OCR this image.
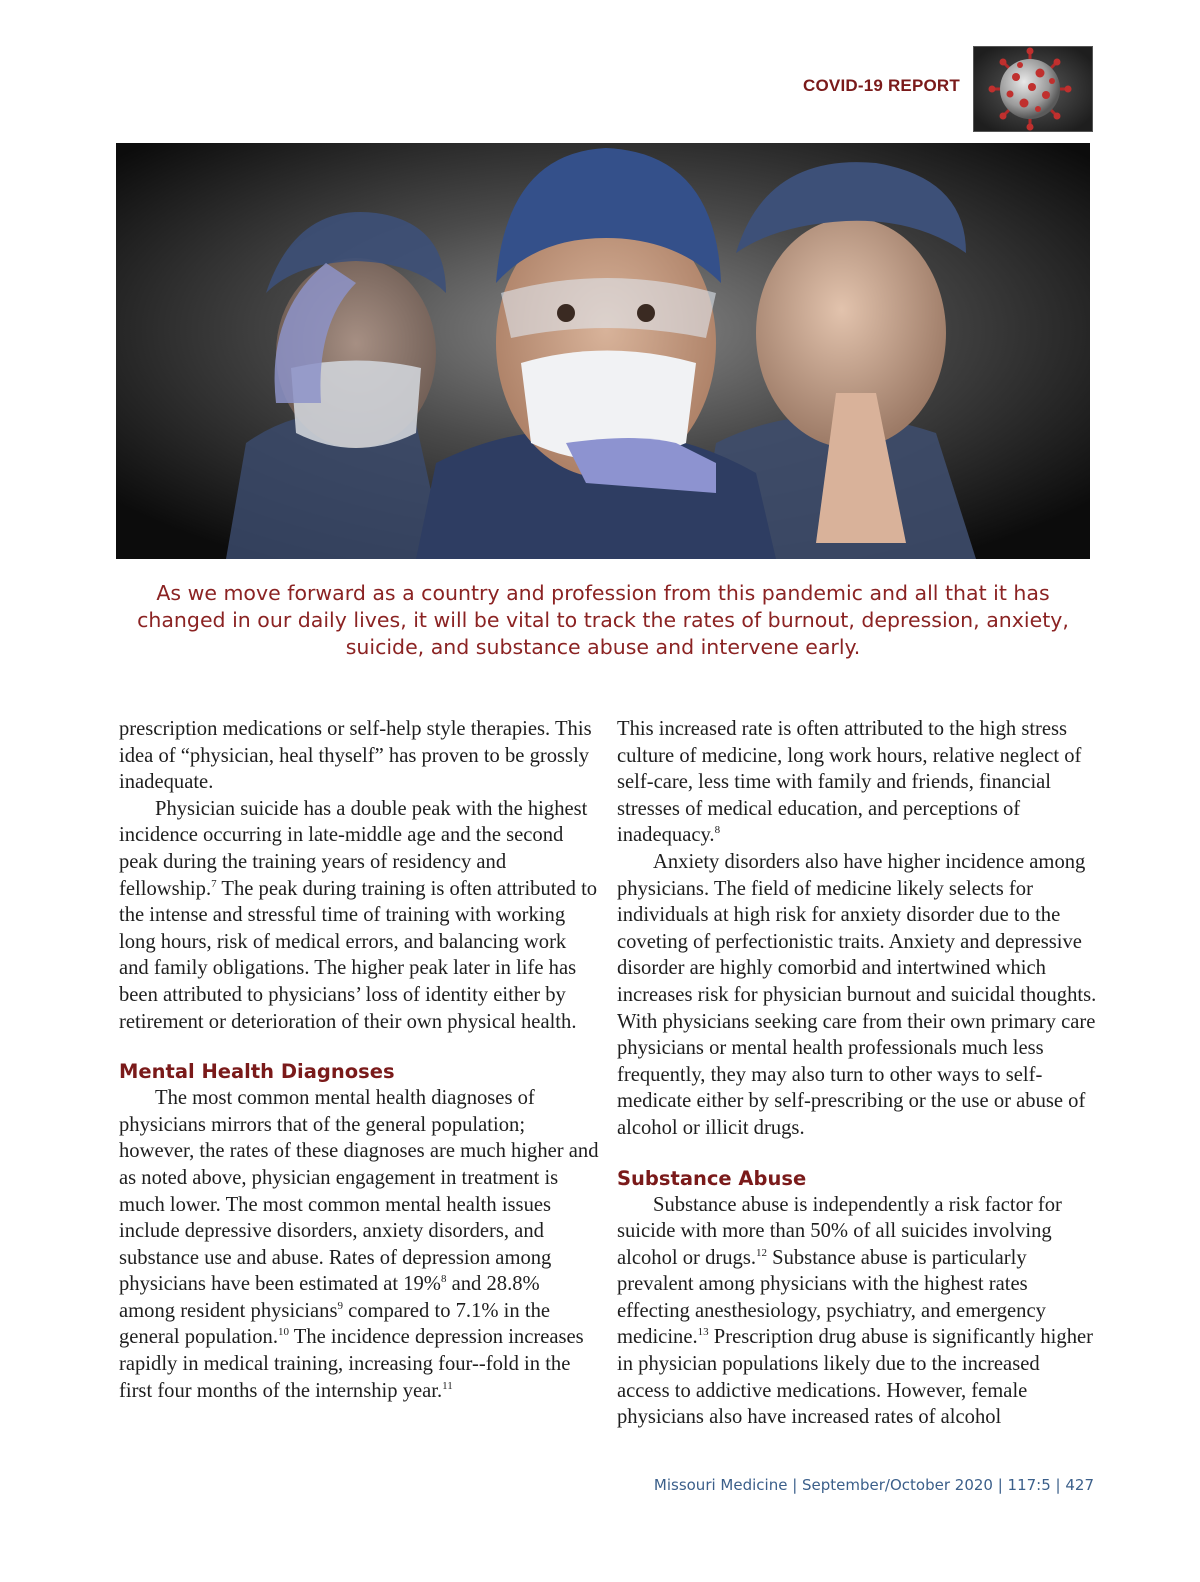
COVID-19 REPORT
As we move forward as a country and profession from this pandemic and all that it has changed in our daily lives, it will be vital to track the rates of burnout, depression, anxiety, suicide, and substance abuse and intervene early.

prescription medications or self-help style therapies. This idea of “physician, heal thyself” has proven to be grossly inadequate.

Physician suicide has a double peak with the highest incidence occurring in late-middle age and the second peak during the training years of residency and fellowship.$^7$ The peak during training is often attributed to the intense and stressful time of training with working long hours, risk of medical errors, and balancing work and family obligations. The higher peak later in life has been attributed to physicians’ loss of identity either by retirement or deterioration of their own physical health.

Mental Health Diagnoses

The most common mental health diagnoses of physicians mirrors that of the general population; however, the rates of these diagnoses are much higher and as noted above, physician engagement in treatment is much lower. The most common mental health issues include depressive disorders, anxiety disorders, and substance use and abuse. Rates of depression among physicians have been estimated at 19%$^8$ and 28.8% among resident physicians$^9$ compared to 7.1% in the general population.$^{10}$ The incidence depression increases rapidly in medical training, increasing four--fold in the first four months of the internship year.$^{11}$

This increased rate is often attributed to the high stress culture of medicine, long work hours, relative neglect of self-care, less time with family and friends, financial stresses of medical education, and perceptions of inadequacy.$^8$

Anxiety disorders also have higher incidence among physicians. The field of medicine likely selects for individuals at high risk for anxiety disorder due to the coveting of perfectionistic traits. Anxiety and depressive disorder are highly comorbid and intertwined which increases risk for physician burnout and suicidal thoughts. With physicians seeking care from their own primary care physicians or mental health professionals much less frequently, they may also turn to other ways to self-medicate either by self-prescribing or the use or abuse of alcohol or illicit drugs.

Substance Abuse

Substance abuse is independently a risk factor for suicide with more than 50% of all suicides involving alcohol or drugs.$^{12}$ Substance abuse is particularly prevalent among physicians with the highest rates effecting anesthesiology, psychiatry, and emergency medicine.$^{13}$ Prescription drug abuse is significantly higher in physician populations likely due to the increased access to addictive medications. However, female physicians also have increased rates of alcohol

Missouri Medicine | September/October 2020 | 117:5 | 427
